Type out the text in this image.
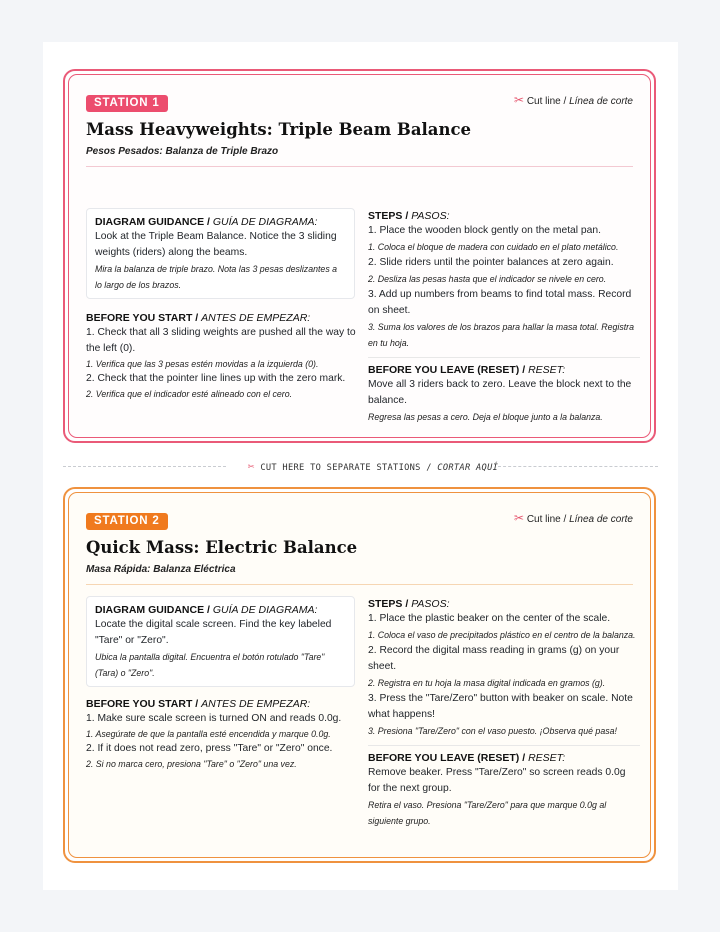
STATION 1	✂ Cut line / Línea de corte
Mass Heavyweights: Triple Beam Balance
Pesos Pesados: Balanza de Triple Brazo
DIAGRAM GUIDANCE / GUÍA DE DIAGRAMA:
Look at the Triple Beam Balance. Notice the 3 sliding weights (riders) along the beams.
Mira la balanza de triple brazo. Nota las 3 pesas deslizantes a lo largo de los brazos.
BEFORE YOU START / ANTES DE EMPEZAR:
1. Check that all 3 sliding weights are pushed all the way to the left (0).
1. Verifica que las 3 pesas estén movidas a la izquierda (0).
2. Check that the pointer line lines up with the zero mark.
2. Verifica que el indicador esté alineado con el cero.
STEPS / PASOS:
1. Place the wooden block gently on the metal pan.
1. Coloca el bloque de madera con cuidado en el plato metálico.
2. Slide riders until the pointer balances at zero again.
2. Desliza las pesas hasta que el indicador se nivele en cero.
3. Add up numbers from beams to find total mass. Record on sheet.
3. Suma los valores de los brazos para hallar la masa total. Registra en tu hoja.
BEFORE YOU LEAVE (RESET) / RESET:
Move all 3 riders back to zero. Leave the block next to the balance.
Regresa las pesas a cero. Deja el bloque junto a la balanza.
✂ CUT HERE TO SEPARATE STATIONS / CORTAR AQUÍ
STATION 2	✂ Cut line / Línea de corte
Quick Mass: Electric Balance
Masa Rápida: Balanza Eléctrica
DIAGRAM GUIDANCE / GUÍA DE DIAGRAMA:
Locate the digital scale screen. Find the key labeled "Tare" or "Zero".
Ubica la pantalla digital. Encuentra el botón rotulado "Tare" (Tara) o "Zero".
BEFORE YOU START / ANTES DE EMPEZAR:
1. Make sure scale screen is turned ON and reads 0.0g.
1. Asegúrate de que la pantalla esté encendida y marque 0.0g.
2. If it does not read zero, press "Tare" or "Zero" once.
2. Si no marca cero, presiona "Tare" o "Zero" una vez.
STEPS / PASOS:
1. Place the plastic beaker on the center of the scale.
1. Coloca el vaso de precipitados plástico en el centro de la balanza.
2. Record the digital mass reading in grams (g) on your sheet.
2. Registra en tu hoja la masa digital indicada en gramos (g).
3. Press the "Tare/Zero" button with beaker on scale. Note what happens!
3. Presiona "Tare/Zero" con el vaso puesto. ¡Observa qué pasa!
BEFORE YOU LEAVE (RESET) / RESET:
Remove beaker. Press "Tare/Zero" so screen reads 0.0g for the next group.
Retira el vaso. Presiona "Tare/Zero" para que marque 0.0g al siguiente grupo.
